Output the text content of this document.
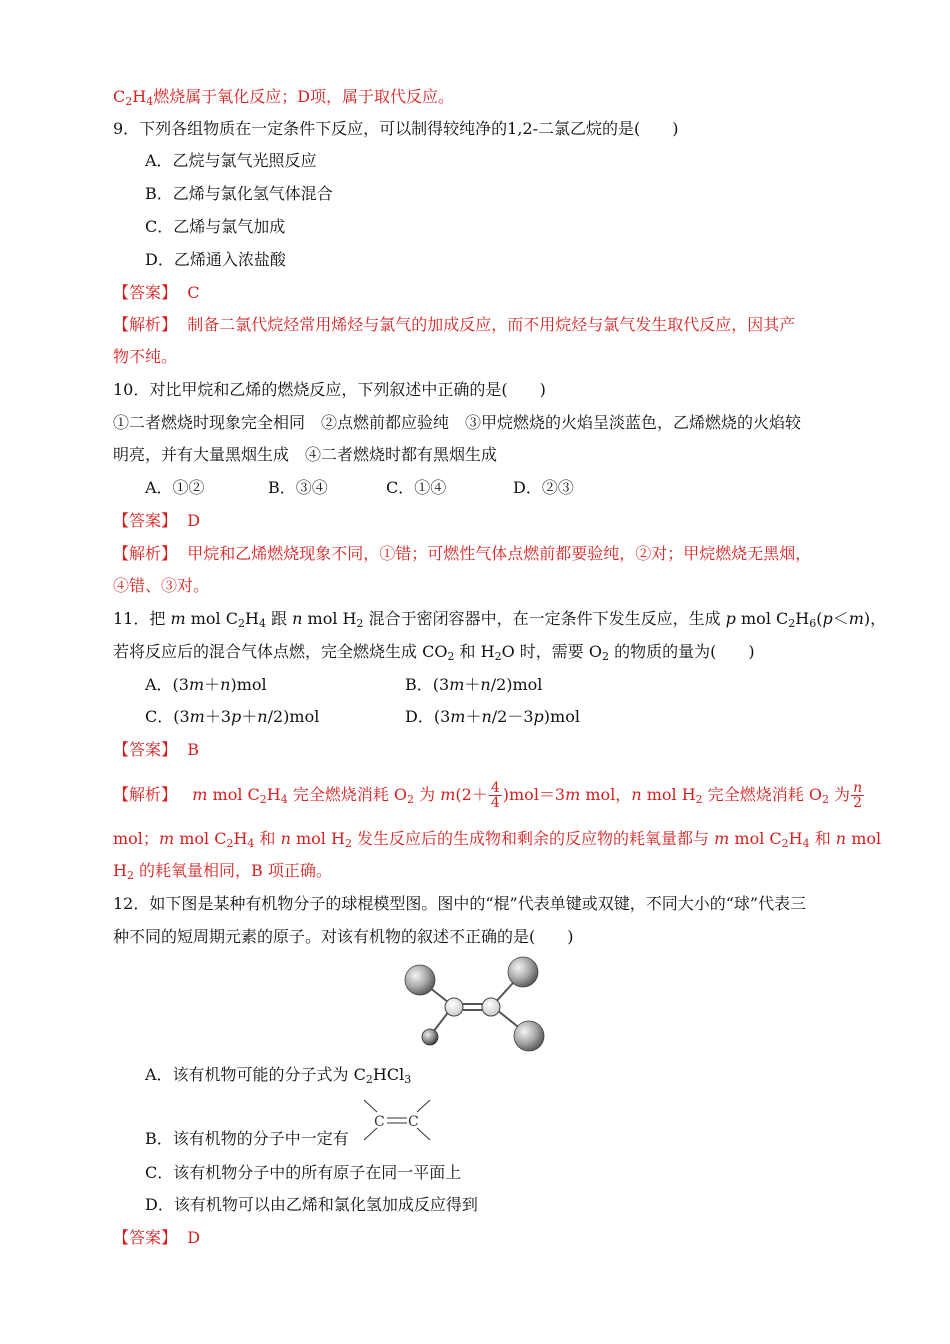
$C_2H_4$燃烧属于氧化反应；D项，属于取代反应。
9．下列各组物质在一定条件下反应，可以制得较纯净的1,2-二氯乙烷的是(　　)
A．乙烷与氯气光照反应
B．乙烯与氯化氢气体混合
C．乙烯与氯气加成
D．乙烯通入浓盐酸
【答案】 C
【解析】 制备二氯代烷烃常用烯烃与氯气的加成反应，而不用烷烃与氯气发生取代反应，因其产
物不纯。
10．对比甲烷和乙烯的燃烧反应，下列叙述中正确的是(　　)
①二者燃烧时现象完全相同　②点燃前都应验纯　③甲烷燃烧的火焰呈淡蓝色，乙烯燃烧的火焰较
明亮，并有大量黑烟生成　④二者燃烧时都有黑烟生成
A．①②	B．③④	C．①④	D．②③
【答案】 D
【解析】 甲烷和乙烯燃烧现象不同，①错；可燃性气体点燃前都要验纯，②对；甲烷燃烧无黑烟，
④错、③对。
11．把 m mol $C_2H_4$ 跟 n mol $H_2$ 混合于密闭容器中，在一定条件下发生反应，生成 p mol $C_2H_6(p<m)$，
若将反应后的混合气体点燃，完全燃烧生成 $CO_2$ 和 $H_2O$ 时，需要 $O_2$ 的物质的量为(　　)
A．(3m＋n)mol	B．(3m＋n/2)mol
C．(3m＋3p＋n/2)mol	D．(3m＋n/2－3p)mol
【答案】 B
【解析】 m mol $C_2H_4$ 完全燃烧消耗 $O_2$ 为 $m(2+ \frac{4}{4} )mol=3m$ mol，n mol $H_2$ 完全燃烧消耗 $O_2$ 为 $\frac{n}{2}$
mol；m mol $C_2H_4$ 和 n mol $H_2$ 发生反应后的生成物和剩余的反应物的耗氧量都与 m mol $C_2H_4$ 和 n mol
$H_2$ 的耗氧量相同，B 项正确。
12．如下图是某种有机物分子的球棍模型图。图中的“棍”代表单键或双键，不同大小的“球”代表三
种不同的短周期元素的原子。对该有机物的叙述不正确的是(　　)
A．该有机物可能的分子式为 $C_2HCl_3$
B．该有机物的分子中一定有
C C
C．该有机物分子中的所有原子在同一平面上
D．该有机物可以由乙烯和氯化氢加成反应得到
【答案】 D
